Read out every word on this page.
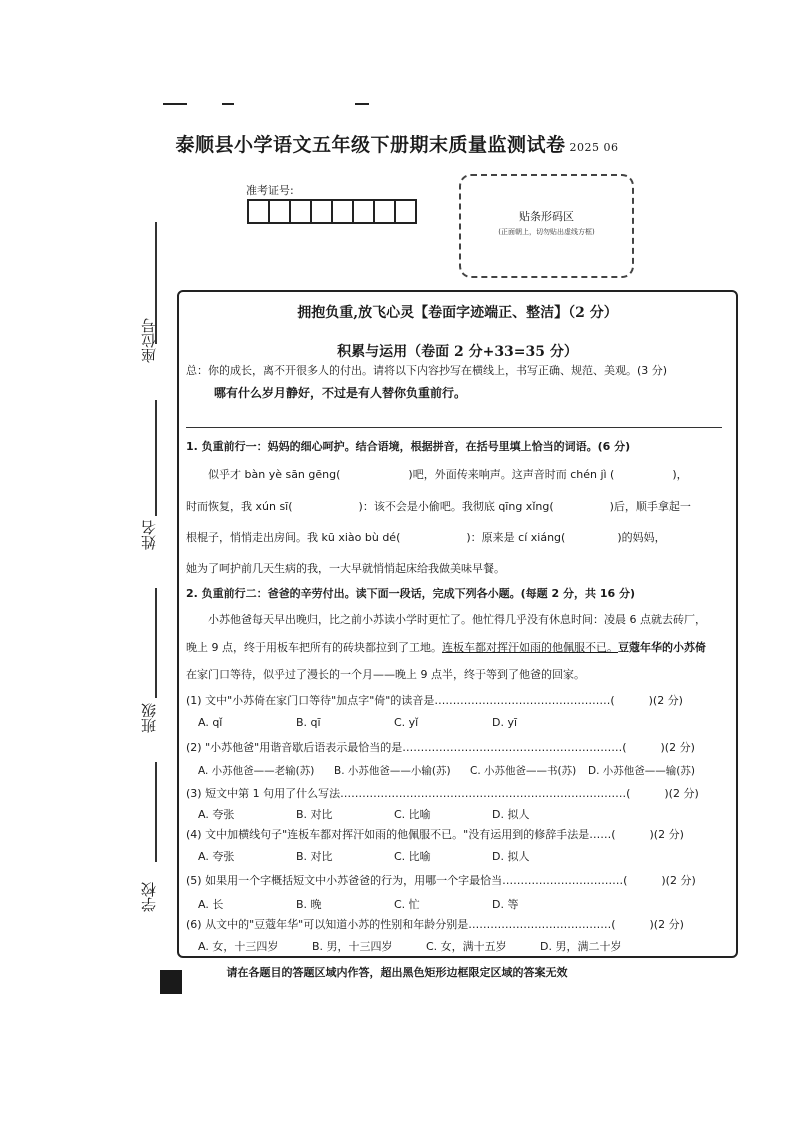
泰顺县小学语文五年级下册期末质量监测试卷 2025 06
准考证号:
贴条形码区
(正面朝上，切勿贴出虚线方框)
座位号
姓名
班级
学校
拥抱负重,放飞心灵【卷面字迹端正、整洁】（2 分）
积累与运用（卷面 2 分+33=35 分）
总：你的成长，离不开很多人的付出。请将以下内容抄写在横线上，书写正确、规范、美观。(3 分)
哪有什么岁月静好，不过是有人替你负重前行。
1. 负重前行一：妈妈的细心呵护。结合语境，根据拼音，在括号里填上恰当的词语。(6 分)
似乎才 bàn yè sān gēng(	)吧，外面传来响声。这声音时而 chén jì (	)，
时而恢复，我 xún sī(	)：该不会是小偷吧。我彻底 qīng xǐng(	)后，顺手拿起一
根棍子，悄悄走出房间。我 kū xiào bù dé(	)：原来是 cí xiáng(	)的妈妈，
她为了呵护前几天生病的我，一大早就悄悄起床给我做美味早餐。
2. 负重前行二：爸爸的辛劳付出。读下面一段话，完成下列各小题。(每题 2 分，共 16 分)
小苏他爸每天早出晚归，比之前小苏读小学时更忙了。他忙得几乎没有休息时间：凌晨 6 点就去砖厂，
晚上 9 点，终于用板车把所有的砖块都拉到了工地。连板车都对挥汗如雨的他佩服不已。豆蔻年华的小苏倚
在家门口等待，似乎过了漫长的一个月——晚上 9 点半，终于等到了他爸的回家。
(1) 文中"小苏倚在家门口等待"加点字"倚"的读音是…………………………………………(	)(2 分)
A. qǐ	B. qī	C. yǐ	D. yī
(2) "小苏他爸"用谐音歇后语表示最恰当的是……………………………………………………(	)(2 分)
A. 小苏他爸——老输(苏) B. 小苏他爸——小输(苏) C. 小苏他爸——书(苏) D. 小苏他爸——输(苏)
(3) 短文中第 1 句用了什么写法……………………………………………………………………(	)(2 分)
A. 夸张	B. 对比	C. 比喻	D. 拟人
(4) 文中加横线句子"连板车都对挥汗如雨的他佩服不已。"没有运用到的修辞手法是……(	)(2 分)
A. 夸张	B. 对比	C. 比喻	D. 拟人
(5) 如果用一个字概括短文中小苏爸爸的行为，用哪一个字最恰当……………………………(	)(2 分)
A. 长	B. 晚	C. 忙	D. 等
(6) 从文中的"豆蔻年华"可以知道小苏的性别和年龄分别是…………………………………(	)(2 分)
A. 女，十三四岁	B. 男，十三四岁	C. 女，满十五岁	D. 男，满二十岁
请在各题目的答题区域内作答，超出黑色矩形边框限定区域的答案无效
